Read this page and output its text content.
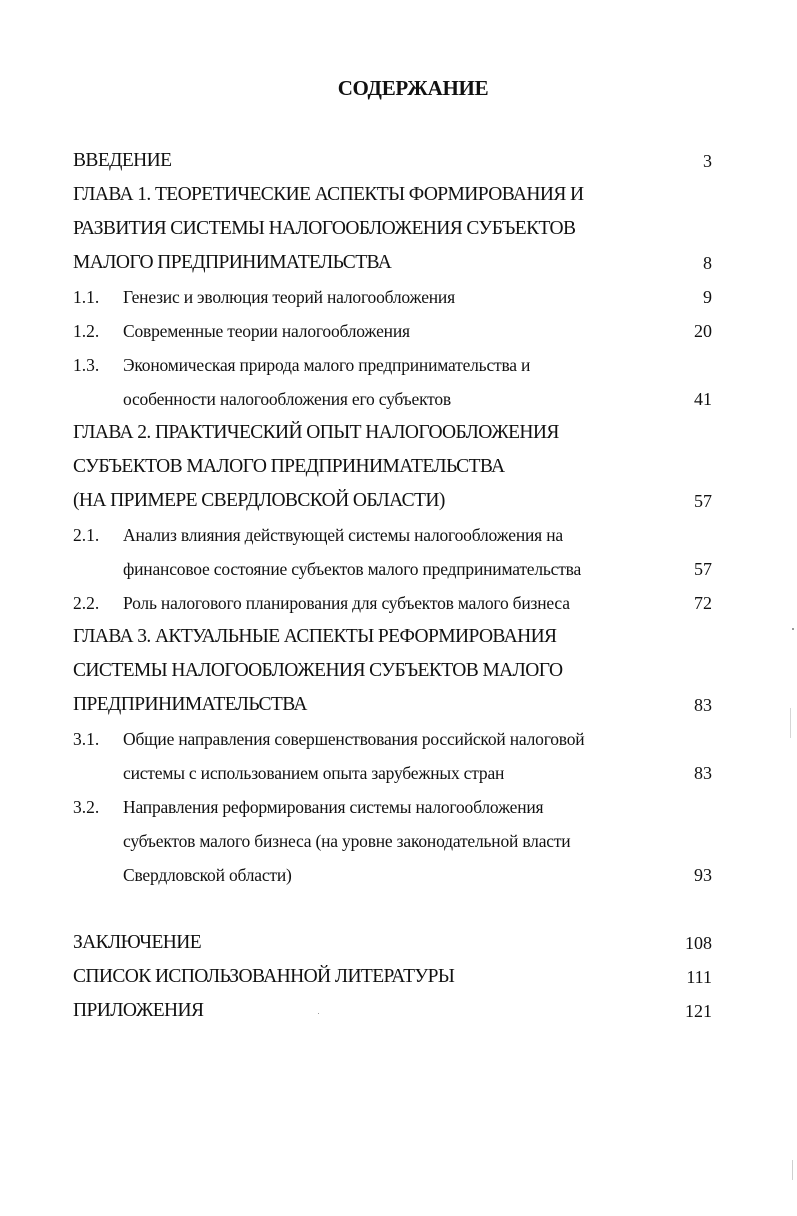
СОДЕРЖАНИЕ
ВВЕДЕНИЕ	3
ГЛАВА 1. ТЕОРЕТИЧЕСКИЕ АСПЕКТЫ ФОРМИРОВАНИЯ И
РАЗВИТИЯ СИСТЕМЫ НАЛОГООБЛОЖЕНИЯ СУБЪЕКТОВ
МАЛОГО ПРЕДПРИНИМАТЕЛЬСТВА	8
1.1. Генезис и эволюция теорий налогообложения	9
1.2. Современные теории налогообложения	20
1.3. Экономическая природа малого предпринимательства и
особенности налогообложения его субъектов	41
ГЛАВА 2. ПРАКТИЧЕСКИЙ ОПЫТ НАЛОГООБЛОЖЕНИЯ
СУБЪЕКТОВ МАЛОГО ПРЕДПРИНИМАТЕЛЬСТВА
(НА ПРИМЕРЕ СВЕРДЛОВСКОЙ ОБЛАСТИ)	57
2.1. Анализ влияния действующей системы налогообложения на
финансовое состояние субъектов малого предпринимательства	57
2.2. Роль налогового планирования для субъектов малого бизнеса	72
ГЛАВА 3. АКТУАЛЬНЫЕ АСПЕКТЫ РЕФОРМИРОВАНИЯ
СИСТЕМЫ НАЛОГООБЛОЖЕНИЯ СУБЪЕКТОВ МАЛОГО
ПРЕДПРИНИМАТЕЛЬСТВА	83
3.1. Общие направления совершенствования российской налоговой
системы с использованием опыта зарубежных стран	83
3.2. Направления реформирования системы налогообложения
субъектов малого бизнеса (на уровне законодательной власти
Свердловской области)	93
ЗАКЛЮЧЕНИЕ	108
СПИСОК ИСПОЛЬЗОВАННОЙ ЛИТЕРАТУРЫ	111
ПРИЛОЖЕНИЯ	121
